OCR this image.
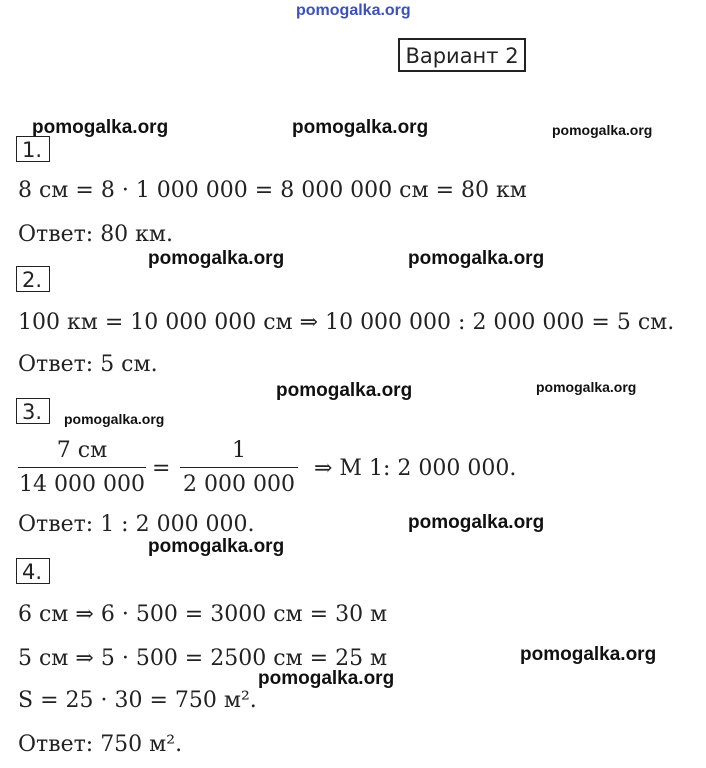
pomogalka.org
Вариант 2
pomogalka.org	pomogalka.org	pomogalka.org
1.
8 см = 8 · 1 000 000 = 8 000 000 см = 80 км
Ответ: 80 км.
pomogalka.org	pomogalka.org
2.
100 км = 10 000 000 см ⇒ 10 000 000 : 2 000 000 = 5 см.
Ответ: 5 см.
pomogalka.org	pomogalka.org
3.	pomogalka.org
7 см
14 000 000
=
1
2 000 000
⇒ M 1: 2 000 000.
Ответ: 1 : 2 000 000.	pomogalka.org
pomogalka.org
4.
6 см ⇒ 6 · 500 = 3000 см = 30 м
5 см ⇒ 5 · 500 = 2500 см = 25 м	pomogalka.org
pomogalka.org
S = 25 · 30 = 750 м².
Ответ: 750 м².
